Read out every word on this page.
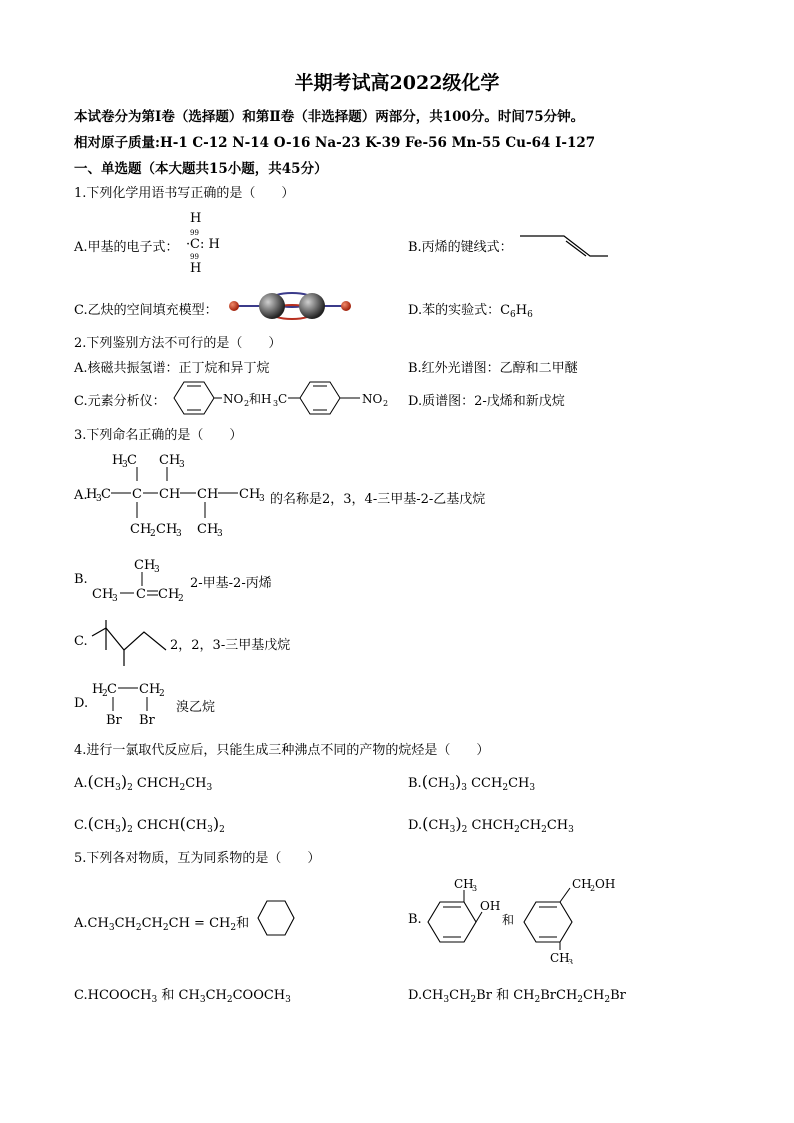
半期考试高2022级化学
本试卷分为第Ⅰ卷（选择题）和第Ⅱ卷（非选择题）两部分，共100分。时间75分钟。
相对原子质量:H-1 C-12 N-14 O-16 Na-23 K-39 Fe-56 Mn-55 Cu-64 I-127
一、单选题（本大题共15小题，共45分）
1.下列化学用语书写正确的是（　　）
A.甲基的电子式：
H
99
C
· : H
99
H
B.丙烯的键线式：
C.乙炔的空间填充模型：	D.苯的实验式：$C_6H_6$
2.下列鉴别方法不可行的是（　　）
A.核磁共振氢谱：正丁烷和异丁烷	B.红外光谱图：乙醇和二甲醚
C.元素分析仪：	NO 2 和H 3 C	NO 2 D.质谱图：2-戊烯和新戊烷
3.下列命名正确的是（　　）
A.
H
3 C CH
3
H
3 C C CH CH CH
3
CH
2 CH
3 CH
3
的名称是2，3，4-三甲基-2-乙基戊烷
B.
CH
3
CH
3 C CH
2
2-甲基-2-丙烯
C.	2，2，3-三甲基戊烷
D.
H
2 C CH
2
Br Br
溴乙烷
4.进行一氯取代反应后，只能生成三种沸点不同的产物的烷烃是（　　）
$A.(CH_3)_2$ $CHCH_2CH_3$	$B.(CH_3)_3$ $CCH_2CH_3$
$C.(CH_3)_2$ $CHCH(CH_3)_2$	$D.(CH_3)_2$ $CHCH_2CH_2CH_3$
5.下列各对物质，互为同系物的是（　　）
$A.CH_3CH_2CH_2CH = CH_2$和	B.
CH
3
OH
和
CH
2 OH
CH
3
$C.HCOOCH_3$ 和 $CH_3CH_2COOCH_3$	$D.CH_3CH_2Br$ 和 $CH_2BrCH_2CH_2Br$
